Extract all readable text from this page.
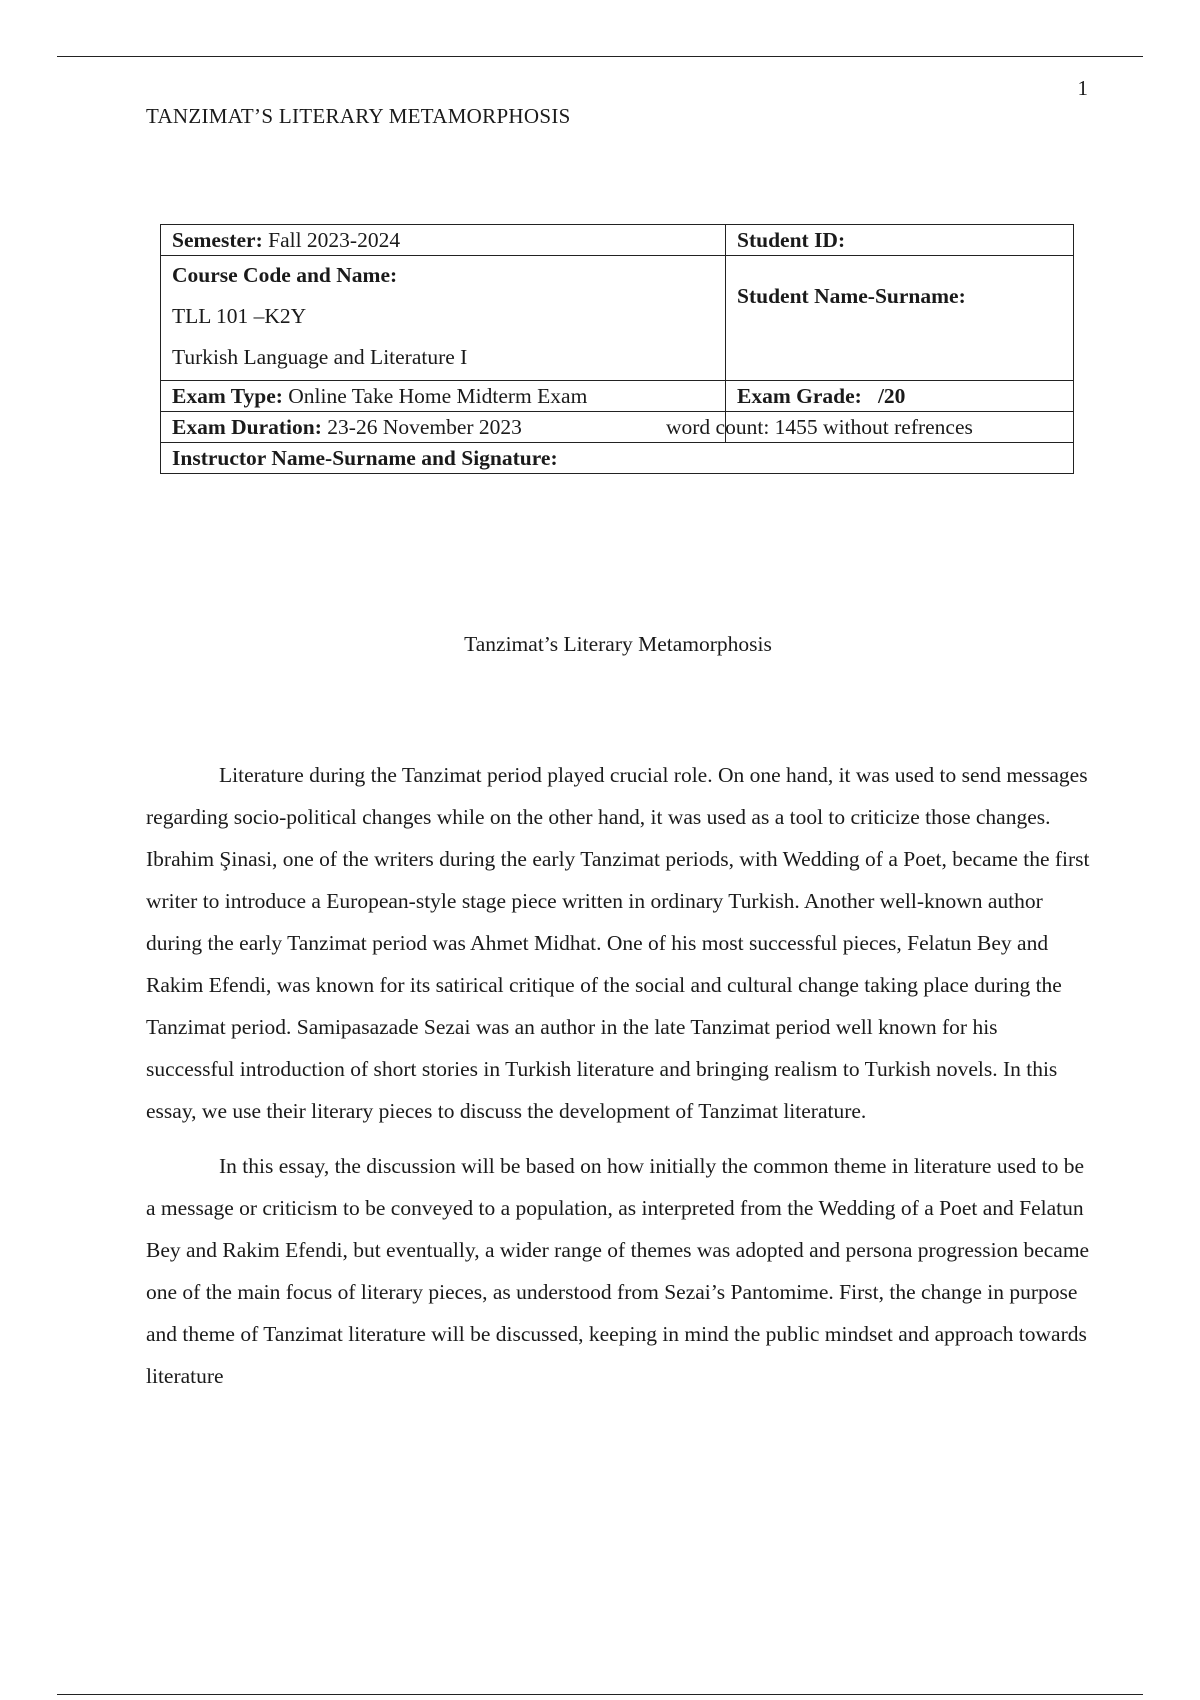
1
TANZIMAT’S LITERARY METAMORPHOSIS
Semester: Fall 2023-2024	Student ID:

Course Code and Name:

TLL 101 –K2Y

Turkish Language and Literature I	Student Name-Surname:
Exam Type: Online Take Home Midterm Exam	Exam Grade: /20
Exam Duration: 23-26 November 2023	word count: 1455 without refrences

Instructor Name-Surname and Signature:	
Tanzimat’s Literary Metamorphosis

Literature during the Tanzimat period played crucial role. On one hand, it was used to send messages regarding socio-political changes while on the other hand, it was used as a tool to criticize those changes. Ibrahim Şinasi, one of the writers during the early Tanzimat periods, with Wedding of a Poet, became the first writer to introduce a European-style stage piece written in ordinary Turkish. Another well-known author during the early Tanzimat period was Ahmet Midhat. One of his most successful pieces, Felatun Bey and Rakim Efendi, was known for its satirical critique of the social and cultural change taking place during the Tanzimat period. Samipasazade Sezai was an author in the late Tanzimat period well known for his successful introduction of short stories in Turkish literature and bringing realism to Turkish novels. In this essay, we use their literary pieces to discuss the development of Tanzimat literature.

In this essay, the discussion will be based on how initially the common theme in literature used to be a message or criticism to be conveyed to a population, as interpreted from the Wedding of a Poet and Felatun Bey and Rakim Efendi, but eventually, a wider range of themes was adopted and persona progression became one of the main focus of literary pieces, as understood from Sezai’s Pantomime. First, the change in purpose and theme of Tanzimat literature will be discussed, keeping in mind the public mindset and approach towards literature
